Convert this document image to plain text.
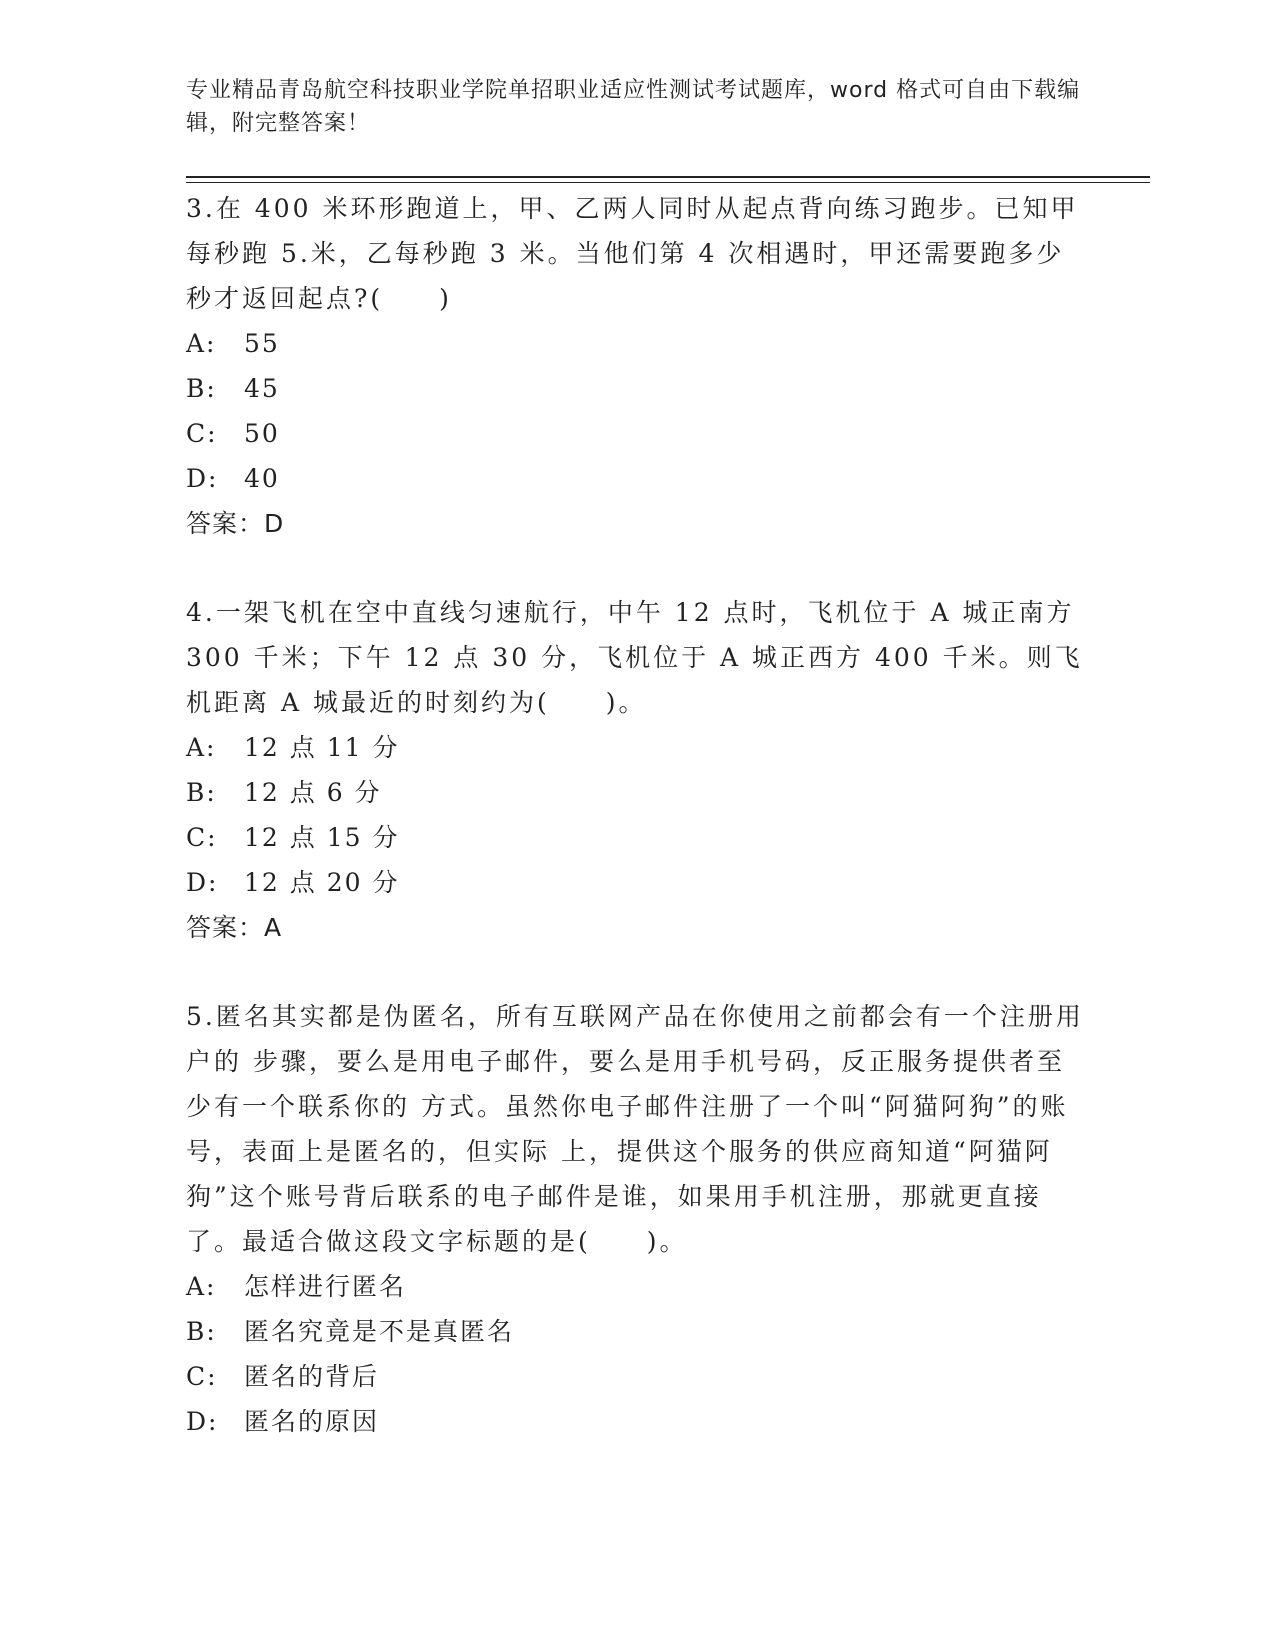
专业精品青岛航空科技职业学院单招职业适应性测试考试题库，word 格式可自由下载编辑，附完整答案！

3.在 400 米环形跑道上，甲、乙两人同时从起点背向练习跑步。已知甲每秒跑 5.米，乙每秒跑 3 米。当他们第 4 次相遇时，甲还需要跑多少秒才返回起点?(　　)

A: 55
B: 45
C: 50
D: 40
答案：D

4.一架飞机在空中直线匀速航行，中午 12 点时，飞机位于 A 城正南方 300 千米；下午 12 点 30 分，飞机位于 A 城正西方 400 千米。则飞机距离 A 城最近的时刻约为(　　)。

A: 12 点 11 分
B: 12 点 6 分
C: 12 点 15 分
D: 12 点 20 分
答案：A

5.匿名其实都是伪匿名，所有互联网产品在你使用之前都会有一个注册用户的 步骤，要么是用电子邮件，要么是用手机号码，反正服务提供者至少有一个联系你的 方式。虽然你电子邮件注册了一个叫“阿猫阿狗”的账号，表面上是匿名的，但实际 上，提供这个服务的供应商知道“阿猫阿狗”这个账号背后联系的电子邮件是谁，如果用手机注册，那就更直接了。最适合做这段文字标题的是(　　)。

A: 怎样进行匿名
B: 匿名究竟是不是真匿名
C: 匿名的背后
D: 匿名的原因
